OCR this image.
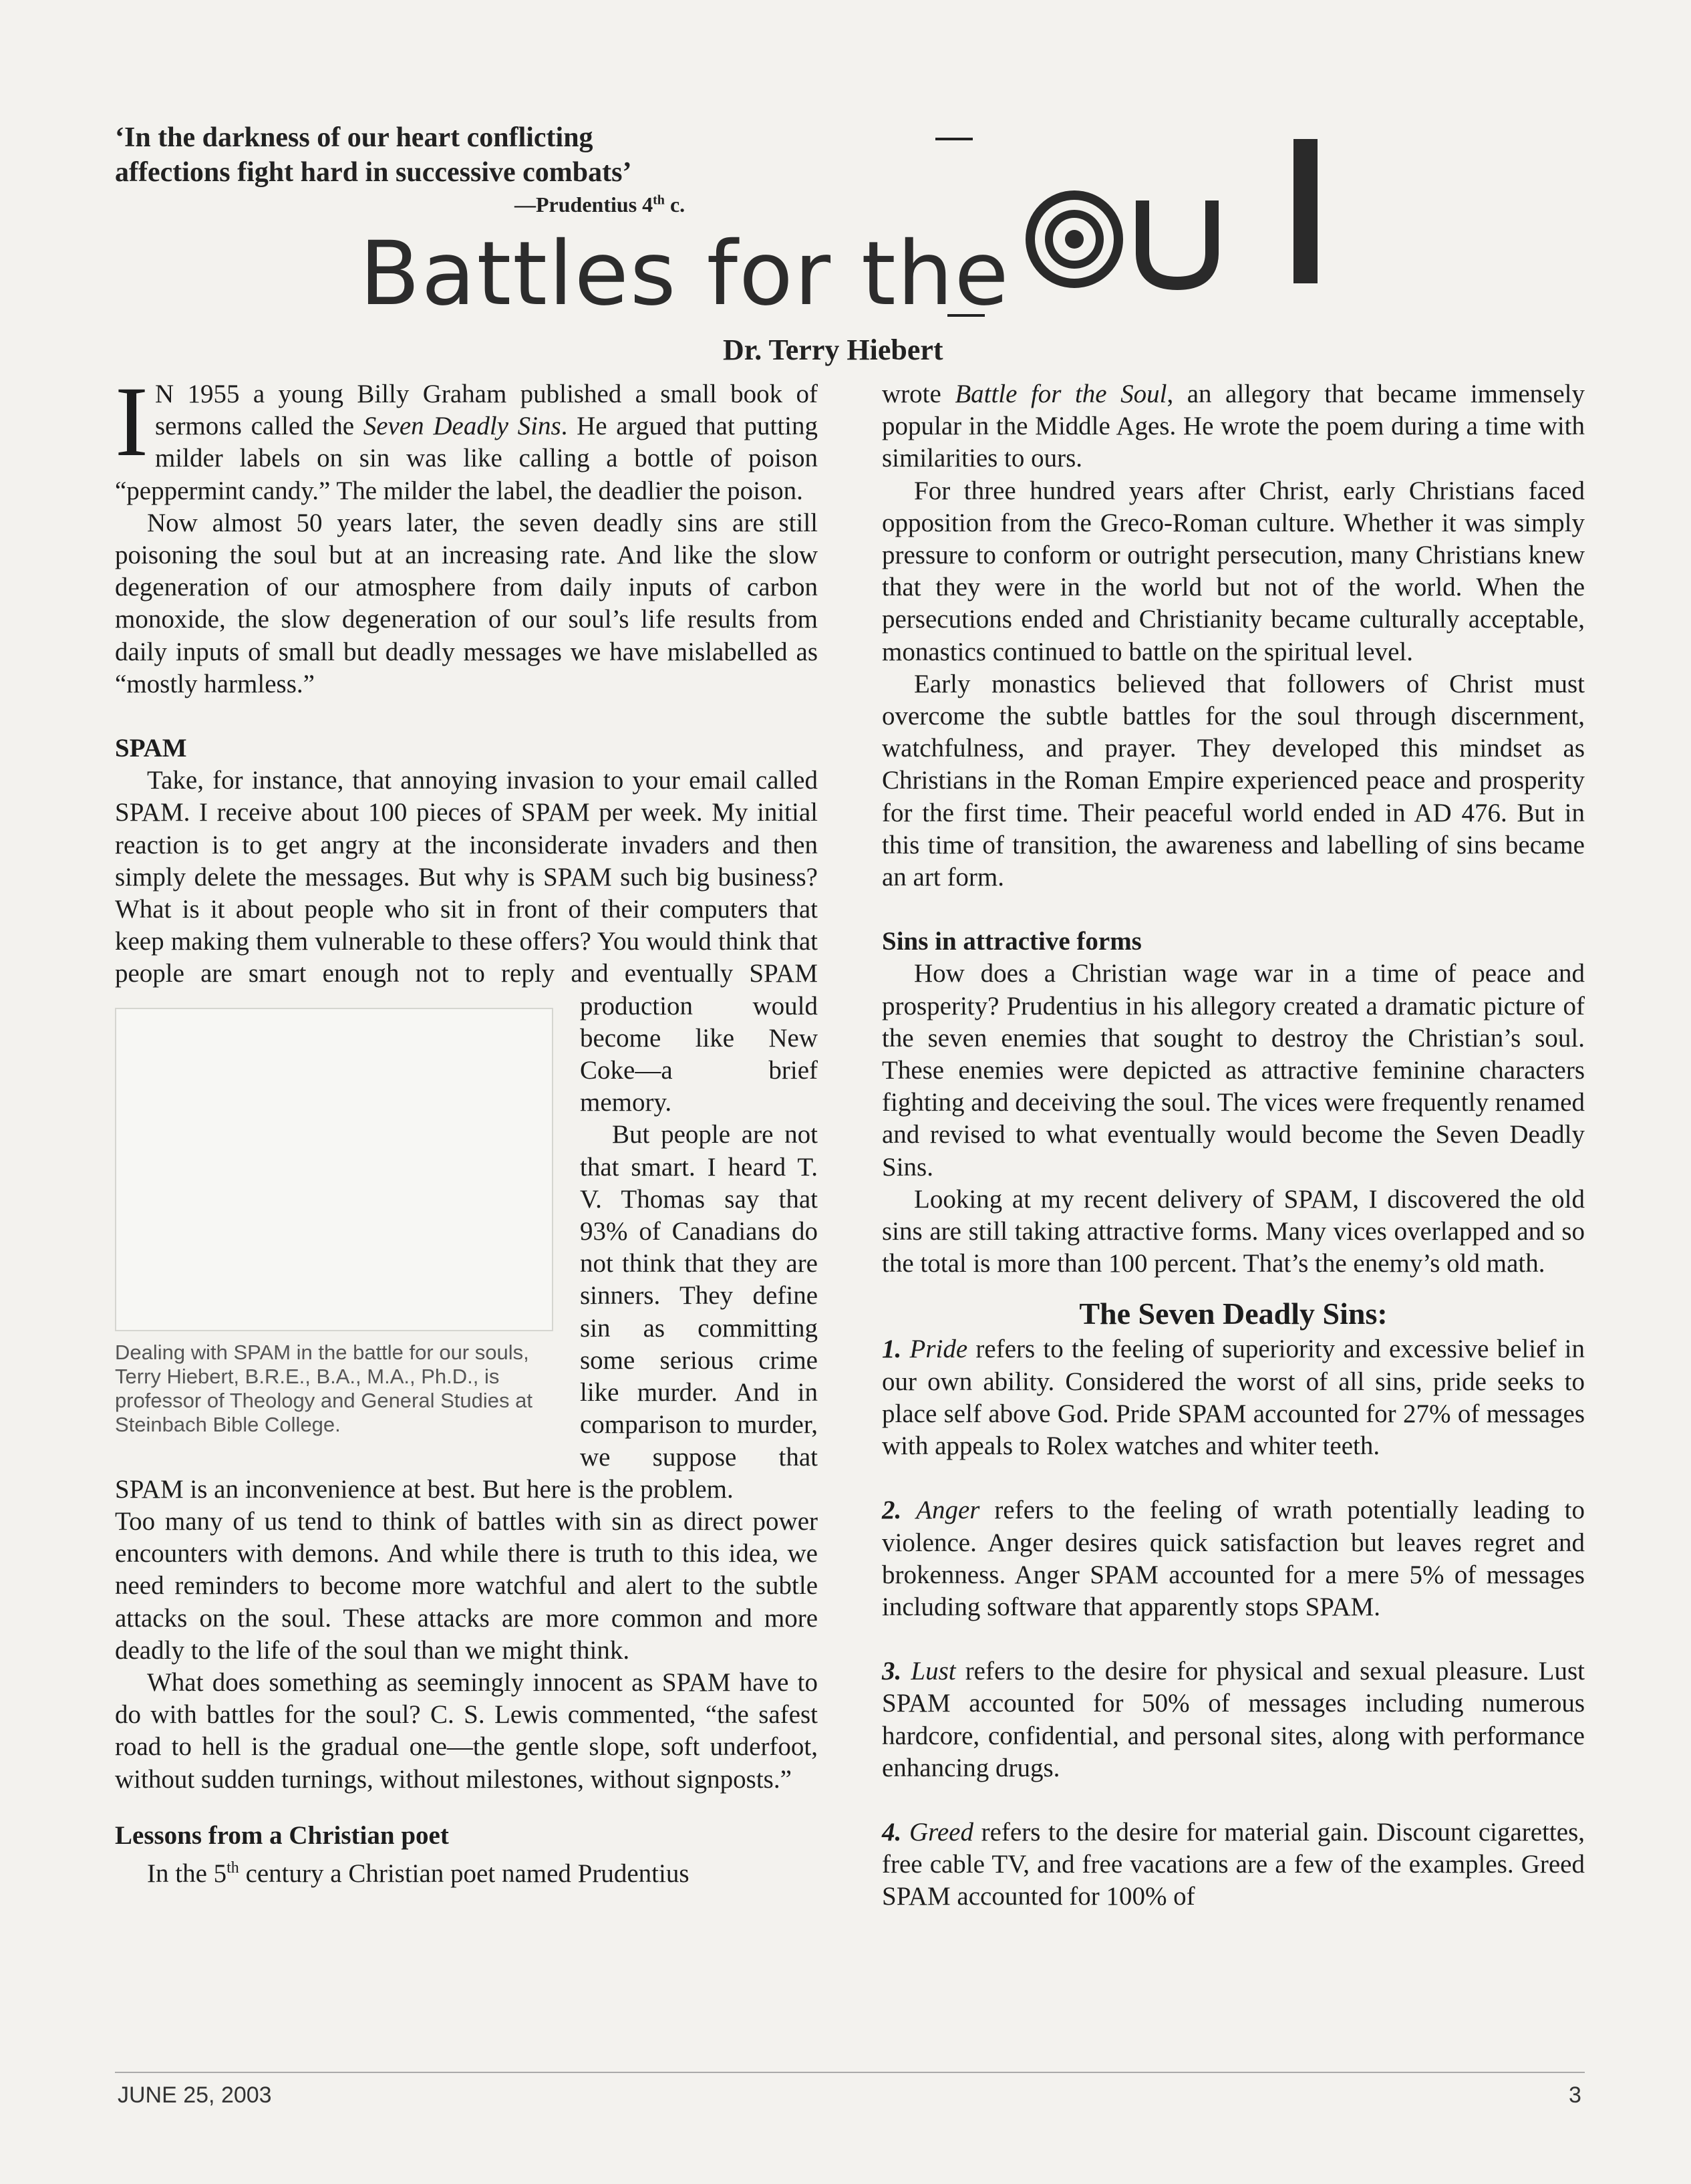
‘In the darkness of our heart conflicting
affections fight hard in successive combats’
—Prudentius 4th c.
Battles for the
Dr. Terry Hiebert

I N 1955 a young Billy Graham published a small book of sermons called the Seven Deadly Sins. He argued that putting milder labels on sin was like calling a bottle of poison “peppermint candy.” The milder the label, the deadlier the poison.

Now almost 50 years later, the seven deadly sins are still poisoning the soul but at an increasing rate. And like the slow degeneration of our atmosphere from daily inputs of carbon monoxide, the slow degeneration of our soul’s life results from daily inputs of small but deadly messages we have mislabelled as “mostly harmless.”

SPAM

Take, for instance, that annoying invasion to your email called SPAM. I receive about 100 pieces of SPAM per week. My initial reaction is to get angry at the inconsiderate invaders and then simply delete the messages. But why is SPAM such big business? What is it about people who sit in front of their computers that keep making them vulnerable to these offers? You would think that people are smart enough not to reply and eventually SPAM
production would become like New Coke—a brief memory.

But people are not that smart. I heard T. V. Thomas say that 93% of Canadians do not think that they are sinners. They define sin as committing some serious crime like murder. And in comparison to murder, we suppose that SPAM is an inconvenience at best. But here is the problem.

Too many of us tend to think of battles with sin as direct power encounters with demons. And while there is truth to this idea, we need reminders to become more watchful and alert to the subtle attacks on the soul. These attacks are more common and more deadly to the life of the soul than we might think.

What does something as seemingly innocent as SPAM have to do with battles for the soul? C. S. Lewis commented, “the safest road to hell is the gradual one—the gentle slope, soft underfoot, without sudden turnings, without milestones, without signposts.”

Lessons from a Christian poet

In the 5th century a Christian poet named Prudentius

Dealing with SPAM in the battle for our souls, Terry Hiebert, B.R.E., B.A., M.A., Ph.D., is professor of Theology and General Studies at Steinbach Bible College.

wrote Battle for the Soul, an allegory that became immensely popular in the Middle Ages. He wrote the poem during a time with similarities to ours.

For three hundred years after Christ, early Christians faced opposition from the Greco-Roman culture. Whether it was simply pressure to conform or outright persecution, many Christians knew that they were in the world but not of the world. When the persecutions ended and Christianity became culturally acceptable, monastics continued to battle on the spiritual level.

Early monastics believed that followers of Christ must overcome the subtle battles for the soul through discernment, watchfulness, and prayer. They developed this mindset as Christians in the Roman Empire experienced peace and prosperity for the first time. Their peaceful world ended in AD 476. But in this time of transition, the awareness and labelling of sins became an art form.

Sins in attractive forms

How does a Christian wage war in a time of peace and prosperity? Prudentius in his allegory created a dramatic picture of the seven enemies that sought to destroy the Christian’s soul. These enemies were depicted as attractive feminine characters fighting and deceiving the soul. The vices were frequently renamed and revised to what eventually would become the Seven Deadly Sins.

Looking at my recent delivery of SPAM, I discovered the old sins are still taking attractive forms. Many vices overlapped and so the total is more than 100 percent. That’s the enemy’s old math.

The Seven Deadly Sins:

1. Pride refers to the feeling of superiority and excessive belief in our own ability. Considered the worst of all sins, pride seeks to place self above God. Pride SPAM accounted for 27% of messages with appeals to Rolex watches and whiter teeth.

2. Anger refers to the feeling of wrath potentially leading to violence. Anger desires quick satisfaction but leaves regret and brokenness. Anger SPAM accounted for a mere 5% of messages including software that apparently stops SPAM.

3. Lust refers to the desire for physical and sexual pleasure. Lust SPAM accounted for 50% of messages including numerous hardcore, confidential, and personal sites, along with performance enhancing drugs.

4. Greed refers to the desire for material gain. Discount cigarettes, free cable TV, and free vacations are a few of the examples. Greed SPAM accounted for 100% of

JUNE 25, 2003	3
